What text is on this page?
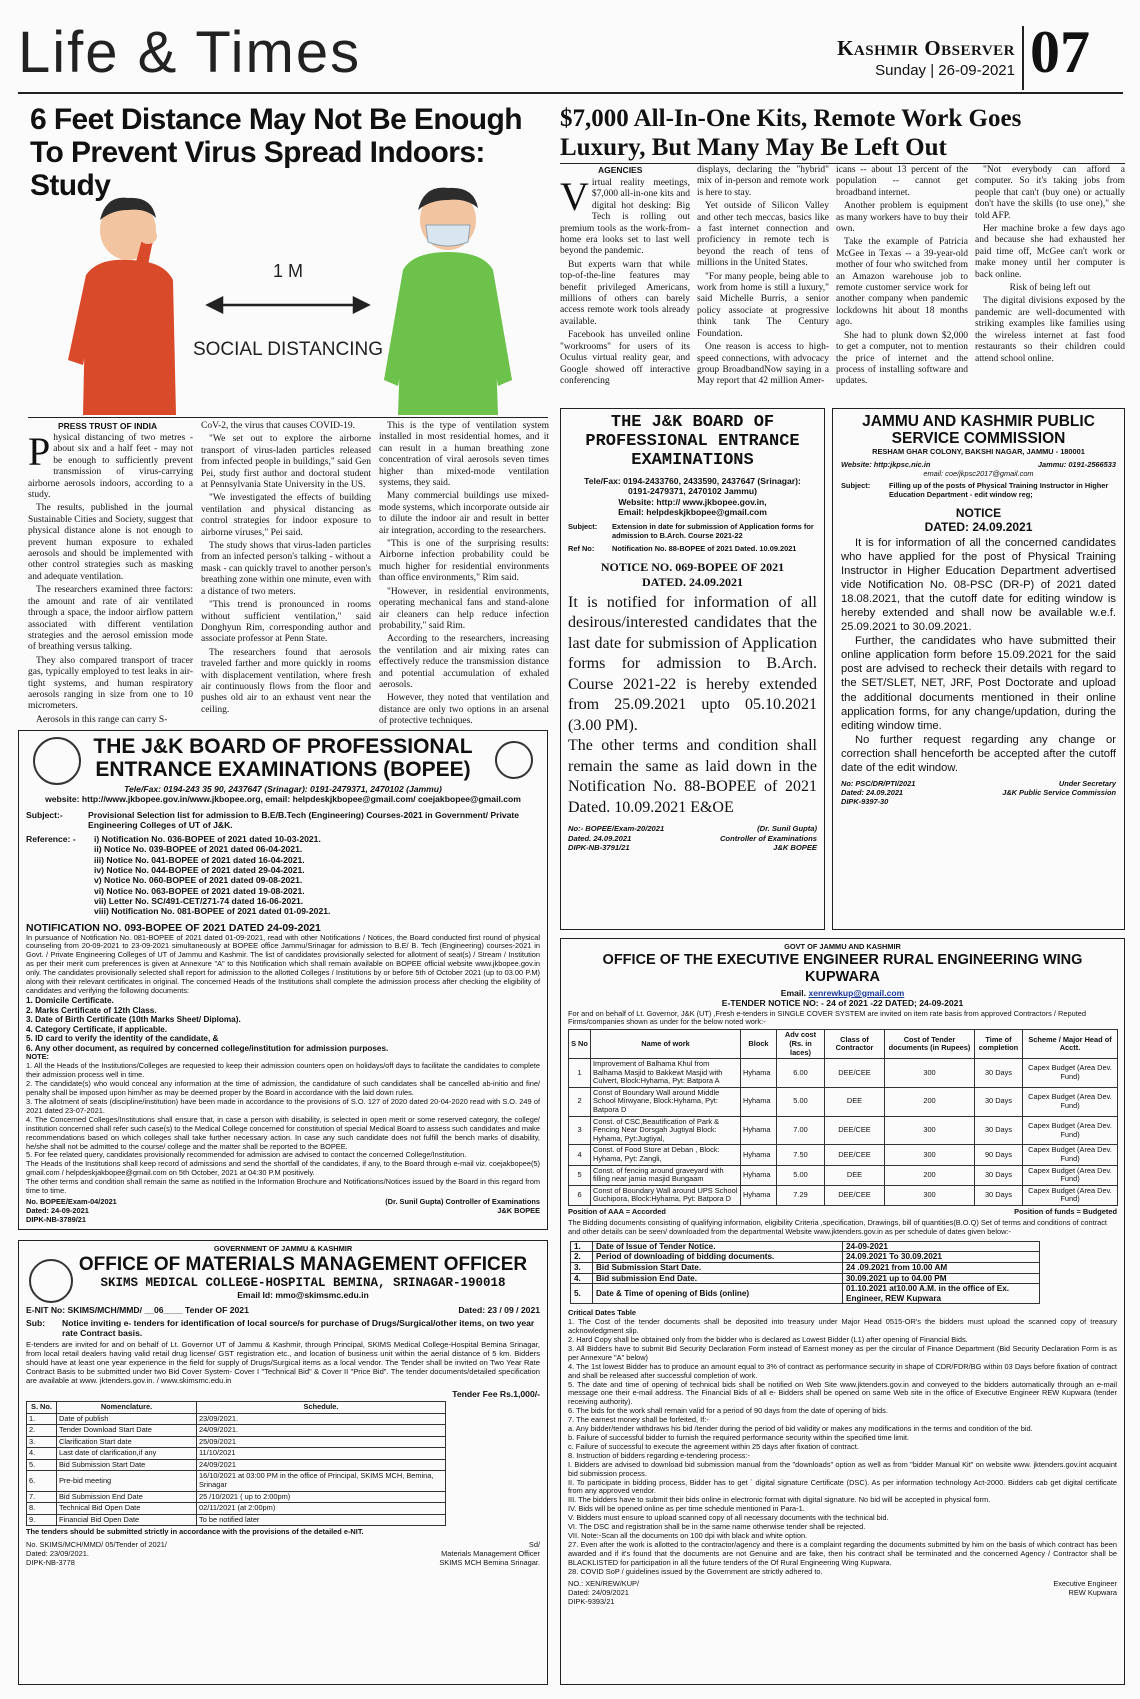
Life & Times	Kashmir Observer
Sunday | 26-09-2021 07
6 Feet Distance May Not Be Enough To Prevent Virus Spread Indoors: Study
1 M
SOCIAL DISTANCING
PRESS TRUST OF INDIA

Physical distancing of two metres - about six and a half feet - may not be enough to sufficiently prevent transmission of virus-carrying airborne aerosols indoors, according to a study.

The results, published in the journal Sustainable Cities and Society, suggest that physical distance alone is not enough to prevent human exposure to exhaled aerosols and should be implemented with other control strategies such as masking and adequate ventilation.

The researchers examined three factors: the amount and rate of air ventilated through a space, the indoor airflow pattern associated with different ventilation strategies and the aerosol emission mode of breathing versus talking.

They also compared transport of tracer gas, typically employed to test leaks in air-tight systems, and human respiratory aerosols ranging in size from one to 10 micrometers.

Aerosols in this range can carry S-

CoV-2, the virus that causes COVID-19.

"We set out to explore the airborne transport of virus-laden particles released from infected people in buildings," said Gen Pei, study first author and doctoral student at Pennsylvania State University in the US.

"We investigated the effects of building ventilation and physical distancing as control strategies for indoor exposure to airborne viruses," Pei said.

The study shows that virus-laden particles from an infected person's talking - without a mask - can quickly travel to another person's breathing zone within one minute, even with a distance of two meters.

"This trend is pronounced in rooms without sufficient ventilation," said Donghyun Rim, corresponding author and associate professor at Penn State.

The researchers found that aerosols traveled farther and more quickly in rooms with displacement ventilation, where fresh air continuously flows from the floor and pushes old air to an exhaust vent near the ceiling.

This is the type of ventilation system installed in most residential homes, and it can result in a human breathing zone concentration of viral aerosols seven times higher than mixed-mode ventilation systems, they said.

Many commercial buildings use mixed-mode systems, which incorporate outside air to dilute the indoor air and result in better air integration, according to the researchers.

"This is one of the surprising results: Airborne infection probability could be much higher for residential environments than office environments," Rim said.

"However, in residential environments, operating mechanical fans and stand-alone air cleaners can help reduce infection probability," said Rim.

According to the researchers, increasing the ventilation and air mixing rates can effectively reduce the transmission distance and potential accumulation of exhaled aerosols.

However, they noted that ventilation and distance are only two options in an arsenal of protective techniques.

$7,000 All-In-One Kits, Remote Work Goes Luxury, But Many May Be Left Out
AGENCIES

Virtual reality meetings, $7,000 all-in-one kits and digital hot desking: Big Tech is rolling out premium tools as the work-from-home era looks set to last well beyond the pandemic.

But experts warn that while top-of-the-line features may benefit privileged Americans, millions of others can barely access remote work tools already available.

Facebook has unveiled online "workrooms" for users of its Oculus virtual reality gear, and Google showed off interactive conferencing

displays, declaring the "hybrid" mix of in-person and remote work is here to stay.

Yet outside of Silicon Valley and other tech meccas, basics like a fast internet connection and proficiency in remote tech is beyond the reach of tens of millions in the United States.

"For many people, being able to work from home is still a luxury," said Michelle Burris, a senior policy associate at progressive think tank The Century Foundation.

One reason is access to high-speed connections, with advocacy group BroadbandNow saying in a May report that 42 million Amer-

icans -- about 13 percent of the population -- cannot get broadband internet.

Another problem is equipment as many workers have to buy their own.

Take the example of Patricia McGee in Texas -- a 39-year-old mother of four who switched from an Amazon warehouse job to remote customer service work for another company when pandemic lockdowns hit about 18 months ago.

She had to plunk down $2,000 to get a computer, not to mention the price of internet and the process of installing software and updates.

"Not everybody can afford a computer. So it's taking jobs from people that can't (buy one) or actually don't have the skills (to use one)," she told AFP.

Her machine broke a few days ago and because she had exhausted her paid time off, McGee can't work or make money until her computer is back online.

Risk of being left out

The digital divisions exposed by the pandemic are well-documented with striking examples like families using the wireless internet at fast food restaurants so their children could attend school online.

THE J&K BOARD OF PROFESSIONAL ENTRANCE EXAMINATIONS
Tele/Fax: 0194-2433760, 2433590, 2437647 (Srinagar):
0191-2479371, 2470102 Jammu)
Website: http:// www.jkbopee.gov.in,
Email: helpdeskjkbopee@gmail.com
Subject:	Extension in date for submission of Application forms for admission to B.Arch. Course 2021-22
Ref No:	Notification No. 88-BOPEE of 2021 Dated. 10.09.2021
NOTICE NO. 069-BOPEE OF 2021
DATED. 24.09.2021
It is notified for information of all desirous/interested candidates that the last date for submission of Application forms for admission to B.Arch. Course 2021-22 is hereby extended from 25.09.2021 upto 05.10.2021 (3.00 PM).
The other terms and condition shall remain the same as laid down in the Notification No. 88-BOPEE of 2021 Dated. 10.09.2021 E&OE
No:- BOPEE/Exam-20/2021
Dated. 24.09.2021
DIPK-NB-3791/21
(Dr. Sunil Gupta)
Controller of Examinations
J&K BOPEE
JAMMU AND KASHMIR PUBLIC
SERVICE COMMISSION
RESHAM GHAR COLONY, BAKSHI NAGAR, JAMMU - 180001
Website: http:jkpsc.nic.in	Jammu: 0191-2566533
email: coe/jkpsc2017@gmail.com
Subject:	Filling up of the posts of Physical Training Instructor in Higher Education Department - edit window reg;
NOTICE
DATED: 24.09.2021

It is for information of all the concerned candidates who have applied for the post of Physical Training Instructor in Higher Education Department advertised vide Notification No. 08-PSC (DR-P) of 2021 dated 18.08.2021, that the cutoff date for editing window is hereby extended and shall now be available w.e.f. 25.09.2021 to 30.09.2021.

Further, the candidates who have submitted their online application form before 15.09.2021 for the said post are advised to recheck their details with regard to the SET/SLET, NET, JRF, Post Doctorate and upload the additional documents mentioned in their online application forms, for any change/updation, during the editing window time.

No further request regarding any change or correction shall henceforth be accepted after the cutoff date of the edit window.

No: PSC/DR/PTI/2021
Dated: 24.09.2021
DIPK-9397-30
Under Secretary
J&K Public Service Commission
THE J&K BOARD OF PROFESSIONAL
ENTRANCE EXAMINATIONS (BOPEE)
Tele/Fax: 0194-243 35 90, 2437647 (Srinagar): 0191-2479371, 2470102 (Jammu)
website: http://www.jkbopee.gov.in/www.jkbopee.org, email: helpdeskjkbopee@gmail.com/ coejakbopee@gmail.com
Subject:-	Provisional Selection list for admission to B.E/B.Tech (Engineering) Courses-2021 in Government/ Private Engineering Colleges of UT of J&K.
Reference: -	i) Notification No. 036-BOPEE of 2021 dated 10-03-2021.
ii) Notice No. 039-BOPEE of 2021 dated 06-04-2021.
iii) Notice No. 041-BOPEE of 2021 dated 16-04-2021.
iv) Notice No. 044-BOPEE of 2021 dated 29-04-2021.
v) Notice No. 060-BOPEE of 2021 dated 09-08-2021.
vi) Notice No. 063-BOPEE of 2021 dated 19-08-2021.
vii) Letter No. SC/491-CET/271-74 dated 16-06-2021.
viii) Notification No. 081-BOPEE of 2021 dated 01-09-2021.
NOTIFICATION NO. 093-BOPEE OF 2021 DATED 24-09-2021
In pursuance of Notification No. 081-BOPEE of 2021 dated 01-09-2021, read with other Notifications / Notices, the Board conducted first round of physical counseling from 20-09-2021 to 23-09-2021 simultaneously at BOPEE office Jammu/Srinagar for admission to B.E/ B. Tech (Engineering) courses-2021 in Govt. / Private Engineering Colleges of UT of Jammu and Kashmir. The list of candidates provisionally selected for allotment of seat(s) / Stream / Institution as per their merit cum preferences is given at Annexure "A" to this Notification which shall remain available on BOPEE official website www.jkbopee.gov.in only. The candidates provisionally selected shall report for admission to the allotted Colleges / Institutions by or before 5th of October 2021 (up to 03.00 P.M) along with their relevant certificates in original. The concerned Heads of the Institutions shall complete the admission process after checking the eligibility of candidates and verifying the following documents:
1. Domicile Certificate.
2. Marks Certificate of 12th Class.
3. Date of Birth Certificate (10th Marks Sheet/ Diploma).
4. Category Certificate, if applicable.
5. ID card to verify the identity of the candidate, &
6. Any other document, as required by concerned college/institution for admission purposes.
NOTE:
1. All the Heads of the Institutions/Colleges are requested to keep their admission counters open on holidays/off days to facilitate the candidates to complete their admission process well in time.
2. The candidate(s) who would conceal any information at the time of admission, the candidature of such candidates shall be cancelled ab-initio and fine/ penalty shall be imposed upon him/her as may be deemed proper by the Board in accordance with the laid down rules.
3. The allotment of seats (discipline/institution) have been made in accordance to the provisions of S.O. 127 of 2020 dated 20-04-2020 read with S.O. 249 of 2021 dated 23-07-2021.
4. The Concerned Colleges/Institutions shall ensure that, in case a person with disability, is selected in open merit or some reserved category, the college/ institution concerned shall refer such case(s) to the Medical College concerned for constitution of special Medical Board to assess such candidates and make recommendations based on which colleges shall take further necessary action. In case any such candidate does not fulfill the bench marks of disability, he/she shall not be admitted to the course/ college and the matter shall be reported to the BOPEE.
5. For fee related query, candidates provisionally recommended for admission are advised to contact the concerned College/Institution.
The Heads of the Institutions shall keep record of admissions and send the shortfall of the candidates, if any, to the Board through e-mail viz. coejakbopee(5) gmail.com / helpdeskjakbopee@gmail.com on 5th October, 2021 at 04:30 P.M positively.
The other terms and condition shall remain the same as notified in the Information Brochure and Notifications/Notices issued by the Board in this regard from time to time.
No. BOPEE/Exam-04/2021
Dated: 24-09-2021
DIPK-NB-3789/21
(Dr. Sunil Gupta) Controller of Examinations
J&K BOPEE
GOVERNMENT OF JAMMU & KASHMIR
OFFICE OF MATERIALS MANAGEMENT OFFICER
SKIMS MEDICAL COLLEGE-HOSPITAL BEMINA, SRINAGAR-190018
Email Id: mmo@skimsmc.edu.in
E-NIT No: SKIMS/MCH/MMD/ __06____ Tender OF 2021	Dated: 23 / 09 / 2021
Sub:	Notice inviting e- tenders for identification of local source/s for purchase of Drugs/Surgical/other items, on two year rate Contract basis.
E-tenders are invited for and on behalf of Lt. Governor UT of Jammu & Kashmir, through Principal, SKIMS Medical College-Hospital Bemina Srinagar, from local retail dealers having valid retail drug license/ GST registration etc., and location of business unit within the aerial distance of 5 km. Bidders should have at least one year experience in the field for supply of Drugs/Surgical items as a local vendor. The Tender shall be invited on Two Year Rate Contract Basis to be submitted under two Bid Cover System- Cover I "Technical Bid" & Cover II "Price Bid". The tender documents/detailed specification are available at www. jktenders.gov.in. / www.skimsmc.edu.in
Tender Fee Rs.1,000/-
S. No.	Nomenclature.	Schedule.
1.	Date of publish	23/09/2021.
2.	Tender Download Start Date	24/09/2021.
3.	Clarification Start date	25/09/2021
4.	Last date of clarification,if any	11/10/2021
5.	Bid Submission Start Date	24/09/2021
6.	Pre-bid meeting	16/10/2021 at 03:00 PM in the office of Principal, SKIMS MCH, Bemina, Srinagar
7.	Bid Submission End Date	25 /10/2021 ( up to 2:00pm)
8.	Technical Bid Open Date	02/11/2021 (at 2:00pm)
9.	Financial Bid Open Date	To be notified later
The tenders should be submitted strictly in accordance with the provisions of the detailed e-NIT.
No. SKIMS/MCH/MMD/ 05/Tender of 2021/
Dated: 23/09/2021.
DIPK-NB-3778
Sd/
Materials Management Officer
SKIMS MCH Bemina Srinagar.
GOVT OF JAMMU AND KASHMIR
OFFICE OF THE EXECUTIVE ENGINEER RURAL ENGINEERING WING KUPWARA
Email. xenrewkup@gmail.com
E-TENDER NOTICE NO: - 24 of 2021 -22 DATED; 24-09-2021
For and on behalf of Lt. Governor, J&K (UT) ,Fresh e-tenders in SINGLE COVER SYSTEM are invited on item rate basis from approved Contractors / Reputed Firms/companies shown as under for the below noted work:-
S No	Name of work	Block	Adv cost (Rs. in laces)	Class of Contractor	Cost of Tender documents (in Rupees)	Time of completion	Scheme / Major Head of Acctt.
1	Improvement of Balhama Khul from Balhama Masjid to Bakkewt Masjid with Culvert, Block:Hyhama, Pyt: Batpora A	Hyhama	6.00	DEE/CEE	300	30 Days	Capex Budget (Area Dev. Fund)
2	Const of Boundary Wall around Middle School Mirwyane, Block:Hyhama, Pyt: Batpora D	Hyhama	5.00	DEE	200	30 Days	Capex Budget (Area Dev. Fund)
3	Const. of CSC,Beautification of Park & Fencing Near Dorsgah Jugtiyal Block: Hyhama, Pyt:Jugtiyal,	Hyhama	7.00	DEE/CEE	300	30 Days	Capex Budget (Area Dev. Fund)
4	Const. of Food Store at Deban , Block: Hyhama, Pyt: Zangli,	Hyhama	7.50	DEE/CEE	300	90 Days	Capex Budget (Area Dev. Fund)
5	Const. of fencing around graveyard with filling near jamia masjid Bungaam	Hyhama	5.00	DEE	200	30 Days	Capex Budget (Area Dev. Fund)
6	Const of Boundary Wall around UPS School Guchipora, Block:Hyhama, Pyt: Batpora D	Hyhama	7.29	DEE/CEE	300	30 Days	Capex Budget (Area Dev. Fund)
Position of AAA = Accorded	Position of funds = Budgeted
The Bidding documents consisting of qualifying information, eligibility Criteria ,specification, Drawings, bill of quantities(B.O.Q) Set of terms and conditions of contract and other details can be seen/ downloaded from the departmental Website www.jktenders.gov.in as per schedule of dates given below:-
1.	Date of Issue of Tender Notice.	24-09-2021
2.	Period of downloading of bidding documents.	24.09.2021 To 30.09.2021
3.	Bid Submission Start Date.	24 .09.2021 from 10.00 AM
4.	Bid submission End Date.	30.09.2021 up to 04.00 PM
5.	Date & Time of opening of Bids (online)	01.10.2021 at10.00 A.M. in the office of Ex. Engineer, REW Kupwara
Critical Dates Table
1. The Cost of the tender documents shall be deposited into treasury under Major Head 0515-OR's the bidders must upload the scanned copy of treasury acknowledgment slip.
2. Hard Copy shall be obtained only from the bidder who is declared as Lowest Bidder (L1) after opening of Financial Bids.
3. All Bidders have to submit Bid Security Declaration Form instead of Earnest money as per the circular of Finance Department (Bid Security Declaration Form is as per Annexure "A" below)
4. The 1st lowest Bidder has to produce an amount equal to 3% of contract as performance security in shape of CDR/FDR/BG within 03 Days before fixation of contract and shall be released after successful completion of work.
5. The date and time of opening of technical bids shall be notified on Web Site www.jktenders.gov.in and conveyed to the bidders automatically through an e-mail message one their e-mail address. The Financial Bids of all e- Bidders shall be opened on same Web site in the office of Executive Engineer REW Kupwara (tender receiving authority).
6. The bids for the work shall remain valid for a period of 90 days from the date of opening of bids.
7. The earnest money shall be forfeited, If:-
a. Any bidder/tender withdraws his bid /tender during the period of bid validity or makes any modifications in the terms and condition of the bid.
b. Failure of successful bidder to furnish the required performance security within the specified time limit.
c. Failure of successful to execute the agreement within 25 days after fixation of contract.
8. Instruction of bidders regarding e-tendering process:-
I. Bidders are advised to download bid submission manual from the "downloads" option as well as from "bidder Manual Kit" on website www. jktenders.gov.int acquaint bid submission process.
II. To participate in bidding process, Bidder has to get ` digital signature Certificate (DSC). As per information technology Act-2000. Bidders cab get digital certificate from any approved vendor.
III. The bidders have to submit their bids online in electronic format with digital signature. No bid will be accepted in physical form.
IV. Bids will be opened online as per time schedule mentioned in Para-1.
V. Bidders must ensure to upload scanned copy of all necessary documents with the technical bid.
VI. The DSC and registration shall be in the same name otherwise tender shall be rejected.
VII. Note:-Scan all the documents on 100 dpi with black and white option.
27. Even after the work is allotted to the contractor/agency and there is a complaint regarding the documents submitted by him on the basis of which contract has been awarded and if it's found that the documents are not Genuine and are fake, then his contract shall be terminated and the concerned Agency / Contractor shall be BLACKLISTED for participation in all the future tenders of the Of Rural Engineering Wing Kupwara.
28. COVID SoP / guidelines issued by the Government are strictly adhered to.
NO.: XEN/REW/KUP/
Dated: 24/09/2021
DIPK-9393/21
Executive Engineer
REW Kupwara
